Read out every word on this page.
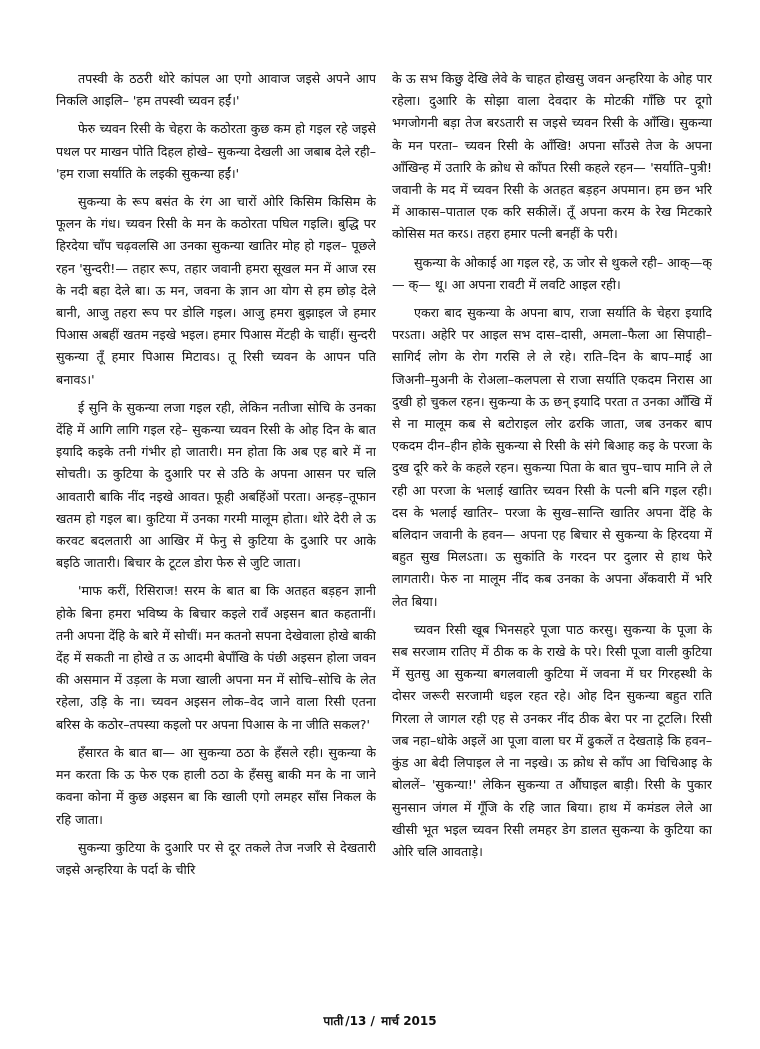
तपस्वी के ठठरी थोरे कांपल आ एगो आवाज जइसे अपने आप निकलि आइलि– 'हम तपस्वी च्यवन हईं।'

फेरु च्यवन रिसी के चेहरा के कठोरता कुछ कम हो गइल रहे जइसे पथल पर माखन पोति दिहल होखे– सुकन्या देखली आ जबाब देले रही– 'हम राजा सर्याति के लइकी सुकन्या हईं।'

सुकन्या के रूप बसंत के रंग आ चारों ओरि किसिम किसिम के फूलन के गंध। च्यवन रिसी के मन के कठोरता पघिल गइलि। बुद्धि पर हिरदेया चाँप चढ़वलसि आ उनका सुकन्या खातिर मोह हो गइल– पूछले रहन 'सुन्दरी!— तहार रूप, तहार जवानी हमरा सूखल मन में आज रस के नदी बहा देले बा। ऊ मन, जवना के ज्ञान आ योग से हम छोड़ देले बानी, आजु तहरा रूप पर डोलि गइल। आजु हमरा बुझाइल जे हमार पिआस अबहीं खतम नइखे भइल। हमार पिआस मेंटही के चाहीं। सुन्दरी सुकन्या तूँ हमार पिआस मिटावऽ। तू रिसी च्यवन के आपन पति बनावऽ।'

ई सुनि के सुकन्या लजा गइल रही, लेकिन नतीजा सोचि के उनका देंहि में आगि लागि गइल रहे– सुकन्या च्यवन रिसी के ओह दिन के बात इयादि कइके तनी गंभीर हो जातारी। मन होता कि अब एह बारे में ना सोचती। ऊ कुटिया के दुआरि पर से उठि के अपना आसन पर चलि आवतारी बाकि नींद नइखे आवत। फूही अबहिंओं परता। अन्हड़–तूफान खतम हो गइल बा। कुटिया में उनका गरमी मालूम होता। थोरे देरी ले ऊ करवट बदलतारी आ आखिर में फेनु से कुटिया के दुआरि पर आके बइठि जातारी। बिचार के टूटल डोरा फेरु से जुटि जाता।

'माफ करीं, रिसिराज! सरम के बात बा कि अतहत बड़हन ज्ञानी होके बिना हमरा भविष्य के बिचार कइले रावँ अइसन बात कहतानीं। तनी अपना देंहि के बारे में सोचीं। मन कतनो सपना देखेवाला होखे बाकी देंह में सकती ना होखे त ऊ आदमी बेपाँखि के पंछी अइसन होला जवन की असमान में उड़ला के मजा खाली अपना मन में सोचि–सोचि के लेत रहेला, उड़ि के ना। च्यवन अइसन लोक–वेद जाने वाला रिसी एतना बरिस के कठोर–तपस्या कइलो पर अपना पिआस के ना जीति सकल?'

हँसारत के बात बा— आ सुकन्या ठठा के हँसले रही। सुकन्या के मन करता कि ऊ फेरु एक हाली ठठा के हँससु बाकी मन के ना जाने कवना कोना में कुछ अइसन बा कि खाली एगो लमहर साँस निकल के रहि जाता।

सुकन्या कुटिया के दुआरि पर से दूर तकले तेज नजरि से देखतारी जइसे अन्हरिया के पर्दा के चीरि

के ऊ सभ किछु देखि लेवे के चाहत होखसु जवन अन्हरिया के ओह पार रहेला। दुआरि के सोझा वाला देवदार के मोटकी गाँछि पर दूगो भगजोगनी बड़ा तेज बरऽतारी स जइसे च्यवन रिसी के आँखि। सुकन्या के मन परता– च्यवन रिसी के आँखि! अपना साँउसे तेज के अपना आँखिन्ह में उतारि के क्रोध से काँपत रिसी कहले रहन— 'सर्याति–पुत्री! जवानी के मद में च्यवन रिसी के अतहत बड़हन अपमान। हम छन भरि में आकास–पाताल एक करि सकीलें। तूँ अपना करम के रेख मिटकारे कोसिस मत करऽ। तहरा हमार पत्नी बनहीं के परी।

सुकन्या के ओकाई आ गइल रहे, ऊ जोर से थुकले रही– आक्—क्— क्— थू। आ अपना रावटी में लवटि आइल रही।

एकरा बाद सुकन्या के अपना बाप, राजा सर्याति के चेहरा इयादि परऽता। अहेरि पर आइल सभ दास–दासी, अमला–फैला आ सिपाही–सागिर्द लोग के रोग गरसि ले ले रहे। राति–दिन के बाप–माई आ जिअनी–मुअनी के रोअला–कलपला से राजा सर्याति एकदम निरास आ दुखी हो चुकल रहन। सुकन्या के ऊ छन् इयादि परता त उनका आँखि में से ना मालूम कब से बटोराइल लोर ढरकि जाता, जब उनकर बाप एकदम दीन–हीन होके सुकन्या से रिसी के संगे बिआह कइ के परजा के दुख दूरि करे के कहले रहन। सुकन्या पिता के बात चुप–चाप मानि ले ले रही आ परजा के भलाई खातिर च्यवन रिसी के पत्नी बनि गइल रही। दस के भलाई खातिर– परजा के सुख–सान्ति खातिर अपना देंहि के बलिदान जवानी के हवन— अपना एह बिचार से सुकन्या के हिरदया में बहुत सुख मिलऽता। ऊ सुकांति के गरदन पर दुलार से हाथ फेरे लागतारी। फेरु ना मालूम नींद कब उनका के अपना अँकवारी में भरि लेत बिया।

च्यवन रिसी खूब भिनसहरे पूजा पाठ करसु। सुकन्या के पूजा के सब सरजाम रातिए में ठीक क के राखे के परे। रिसी पूजा वाली कुटिया में सुतसु आ सुकन्या बगलवाली कुटिया में जवना में घर गिरहस्थी के दोसर जरूरी सरजामी धइल रहत रहे। ओह दिन सुकन्या बहुत राति गिरला ले जागल रही एह से उनकर नींद ठीक बेरा पर ना टूटलि। रिसी जब नहा–धोके अइलें आ पूजा वाला घर में ढुकलें त देखताड़े कि हवन–कुंड आ बेदी लिपाइल ले ना नइखे। ऊ क्रोध से काँप आ चिचिआइ के बोललें– 'सुकन्या!' लेकिन सुकन्या त औंघाइल बाड़ी। रिसी के पुकार सुनसान जंगल में गूँजि के रहि जात बिया। हाथ में कमंडल लेले आ खीसी भूत भइल च्यवन रिसी लमहर डेग डालत सुकन्या के कुटिया का ओरि चलि आवताड़े।

पाती /13 / मार्च 2015
